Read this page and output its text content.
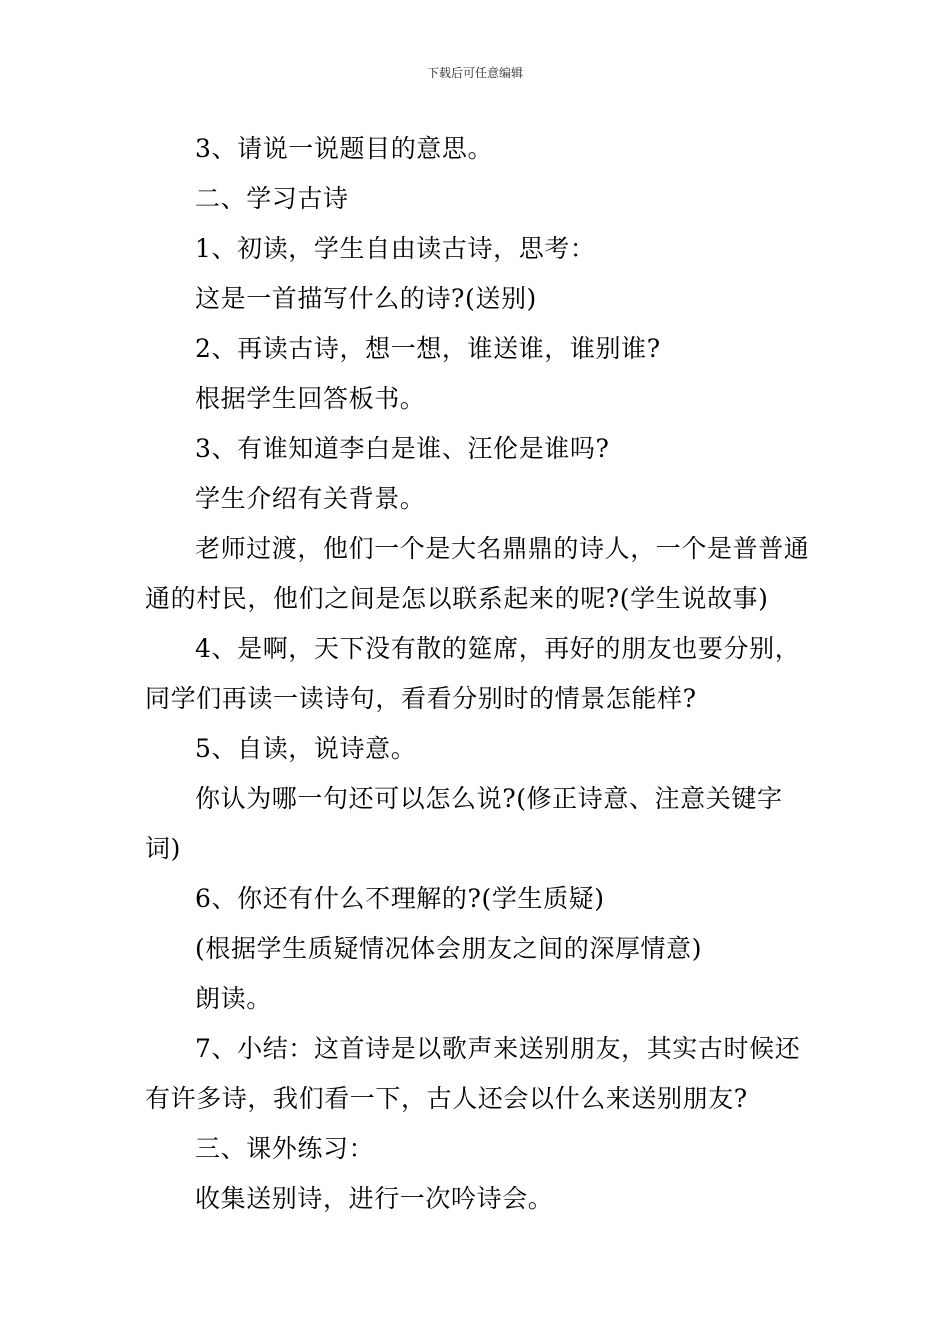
下载后可任意编辑

3、请说一说题目的意思。

二、学习古诗

1、初读，学生自由读古诗，思考：

这是一首描写什么的诗?(送别)

2、再读古诗，想一想，谁送谁，谁别谁?

根据学生回答板书。

3、有谁知道李白是谁、汪伦是谁吗?

学生介绍有关背景。

老师过渡，他们一个是大名鼎鼎的诗人，一个是普普通通的村民，他们之间是怎以联系起来的呢?(学生说故事)

4、是啊，天下没有散的筵席，再好的朋友也要分别，同学们再读一读诗句，看看分别时的情景怎能样?

5、自读，说诗意。

你认为哪一句还可以怎么说?(修正诗意、注意关键字词)

6、你还有什么不理解的?(学生质疑)

(根据学生质疑情况体会朋友之间的深厚情意)

朗读。

7、小结：这首诗是以歌声来送别朋友，其实古时候还有许多诗，我们看一下，古人还会以什么来送别朋友?

三、课外练习：

收集送别诗，进行一次吟诗会。
